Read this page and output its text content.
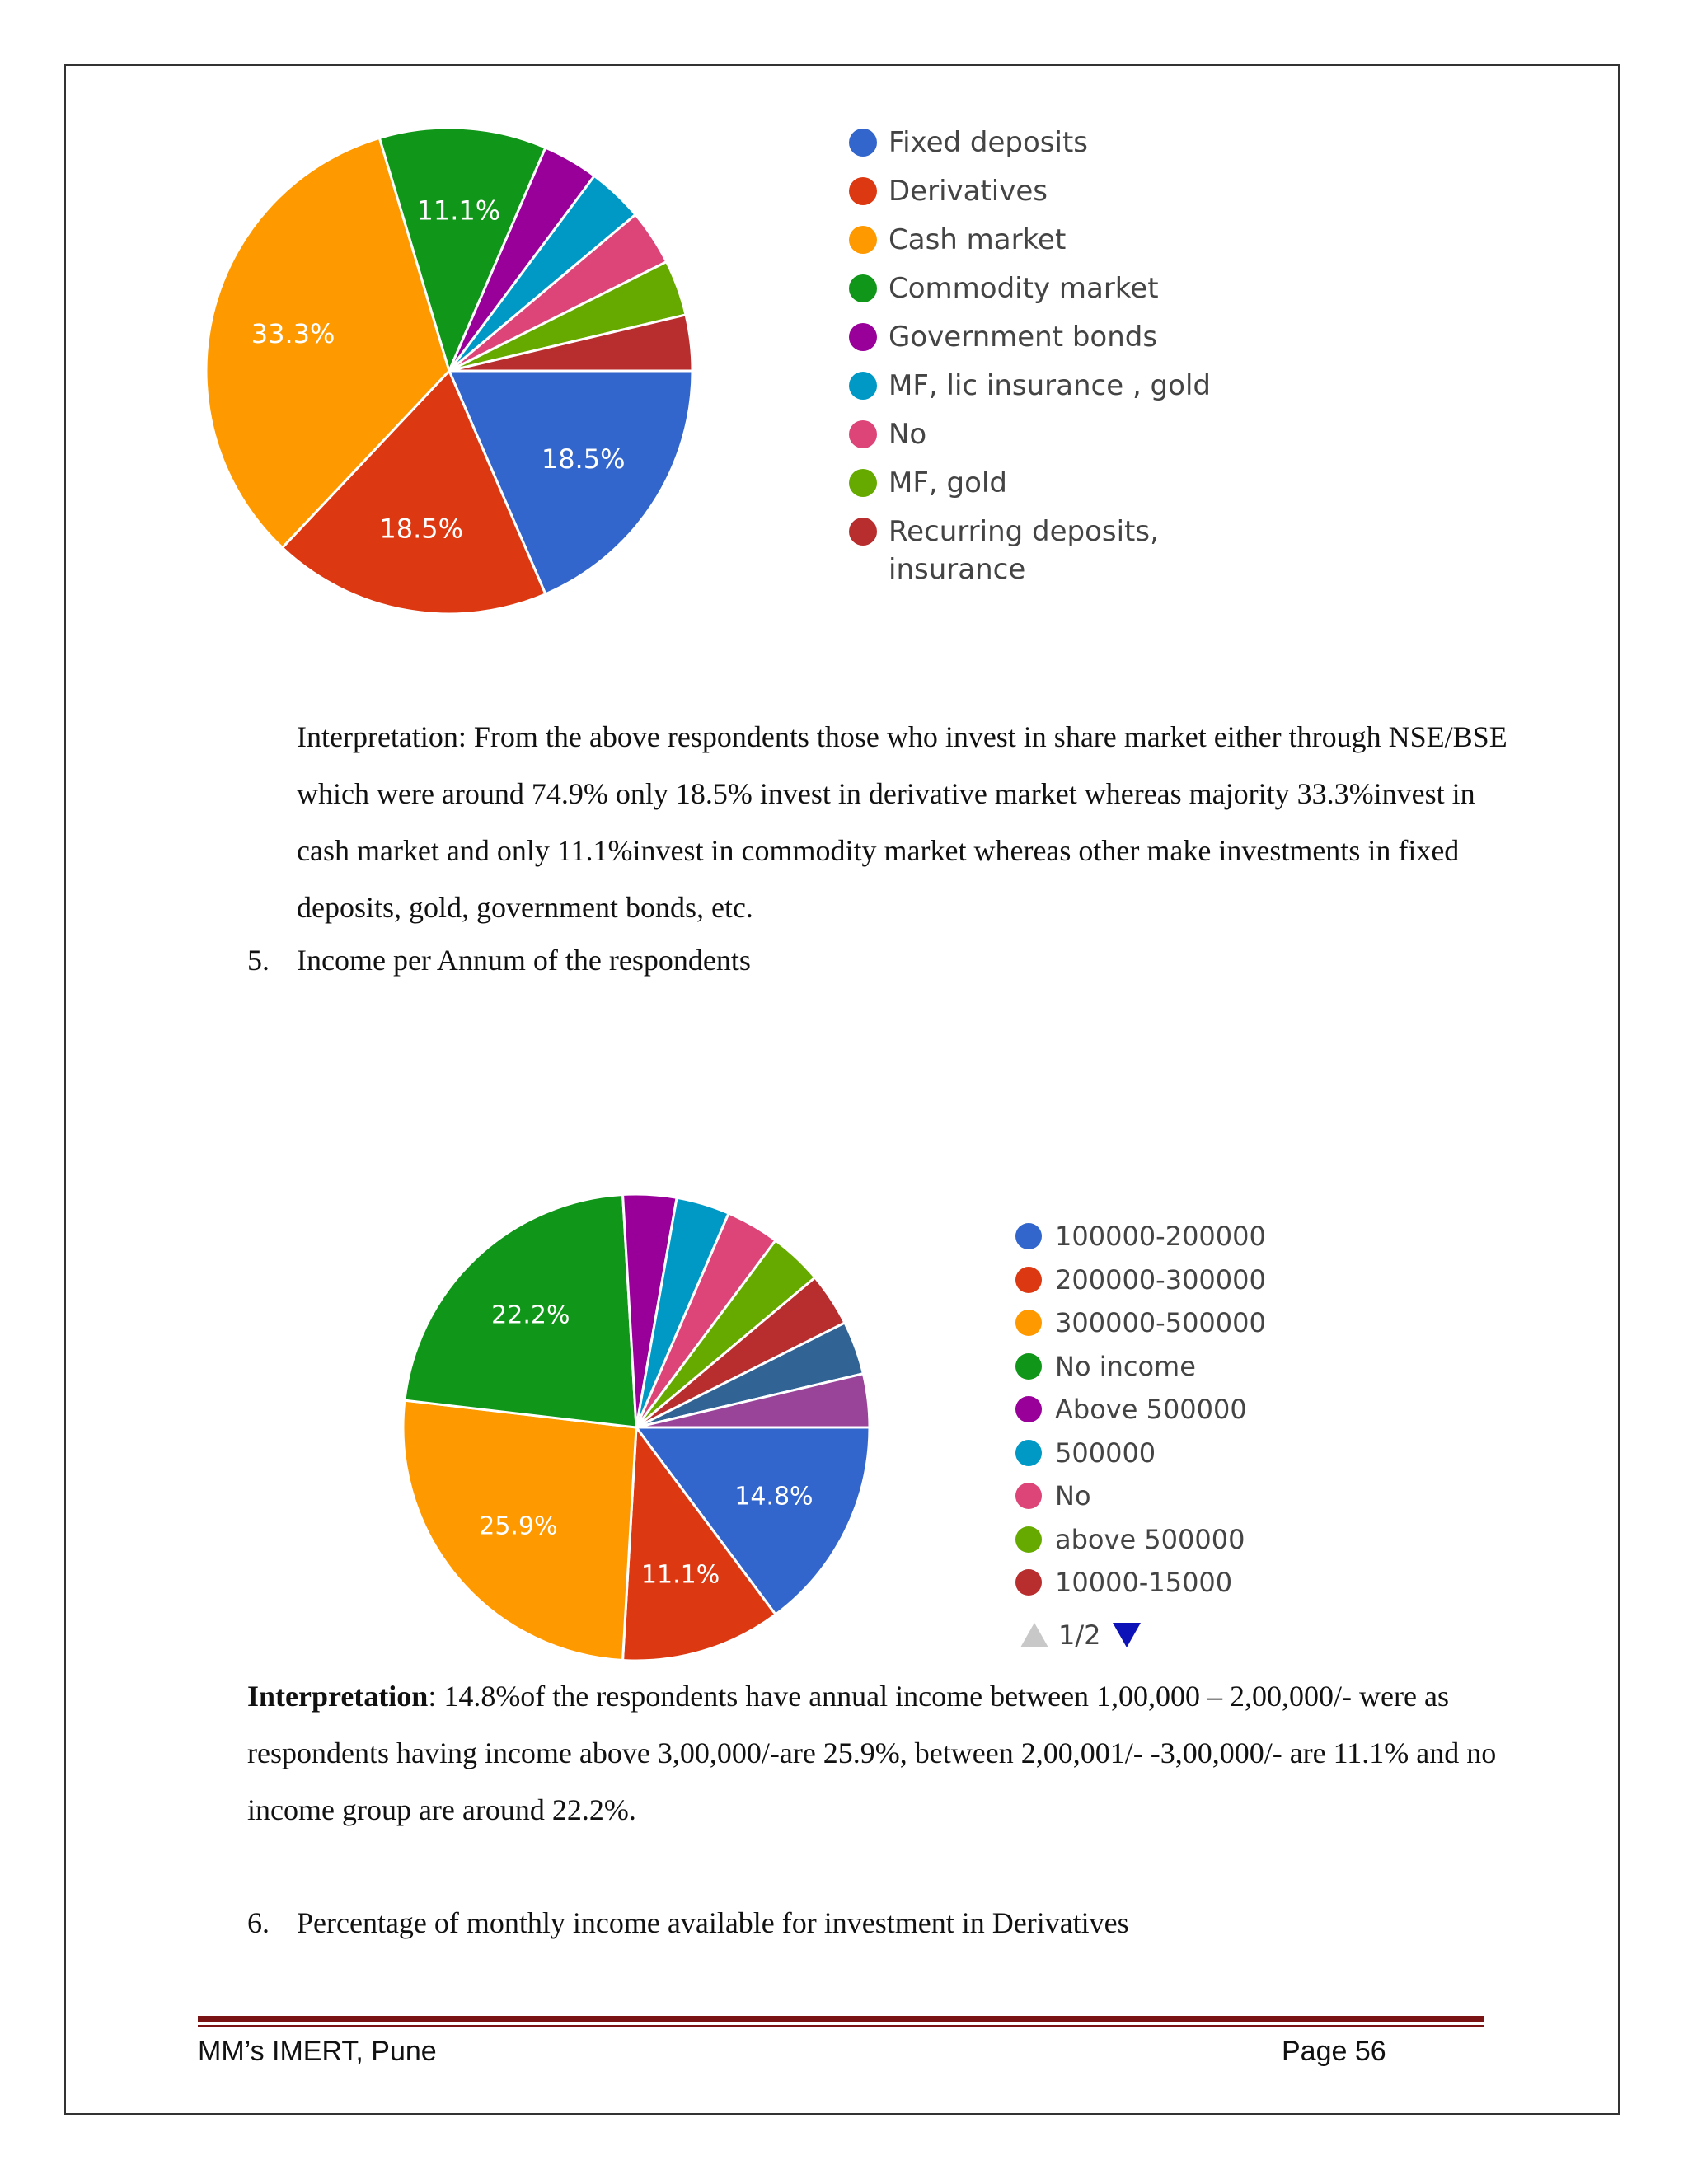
18.5%
18.5%
33.3%
11.1%
Fixed deposits
Derivatives
Cash market
Commodity market
Government bonds
MF, lic insurance , gold
No
MF, gold
Recurring deposits, insurance

Interpretation: From the above respondents those who invest in share market either through NSE/BSE which were around 74.9% only 18.5% invest in derivative market whereas majority 33.3%invest in cash market and only 11.1%invest in commodity market whereas other make investments in fixed deposits, gold, government bonds, etc.

5. Income per Annum of the respondents
14.8%
11.1%
25.9%
22.2%
100000-200000
200000-300000
300000-500000
No income
Above 500000
500000
No
above 500000
10000-15000
1/2

Interpretation: 14.8%of the respondents have annual income between 1,00,000 – 2,00,000/- were as respondents having income above 3,00,000/-are 25.9%, between 2,00,001/- -3,00,000/- are 11.1% and no income group are around 22.2%.

6. Percentage of monthly income available for investment in Derivatives
MM’s IMERT, Pune	Page 56
